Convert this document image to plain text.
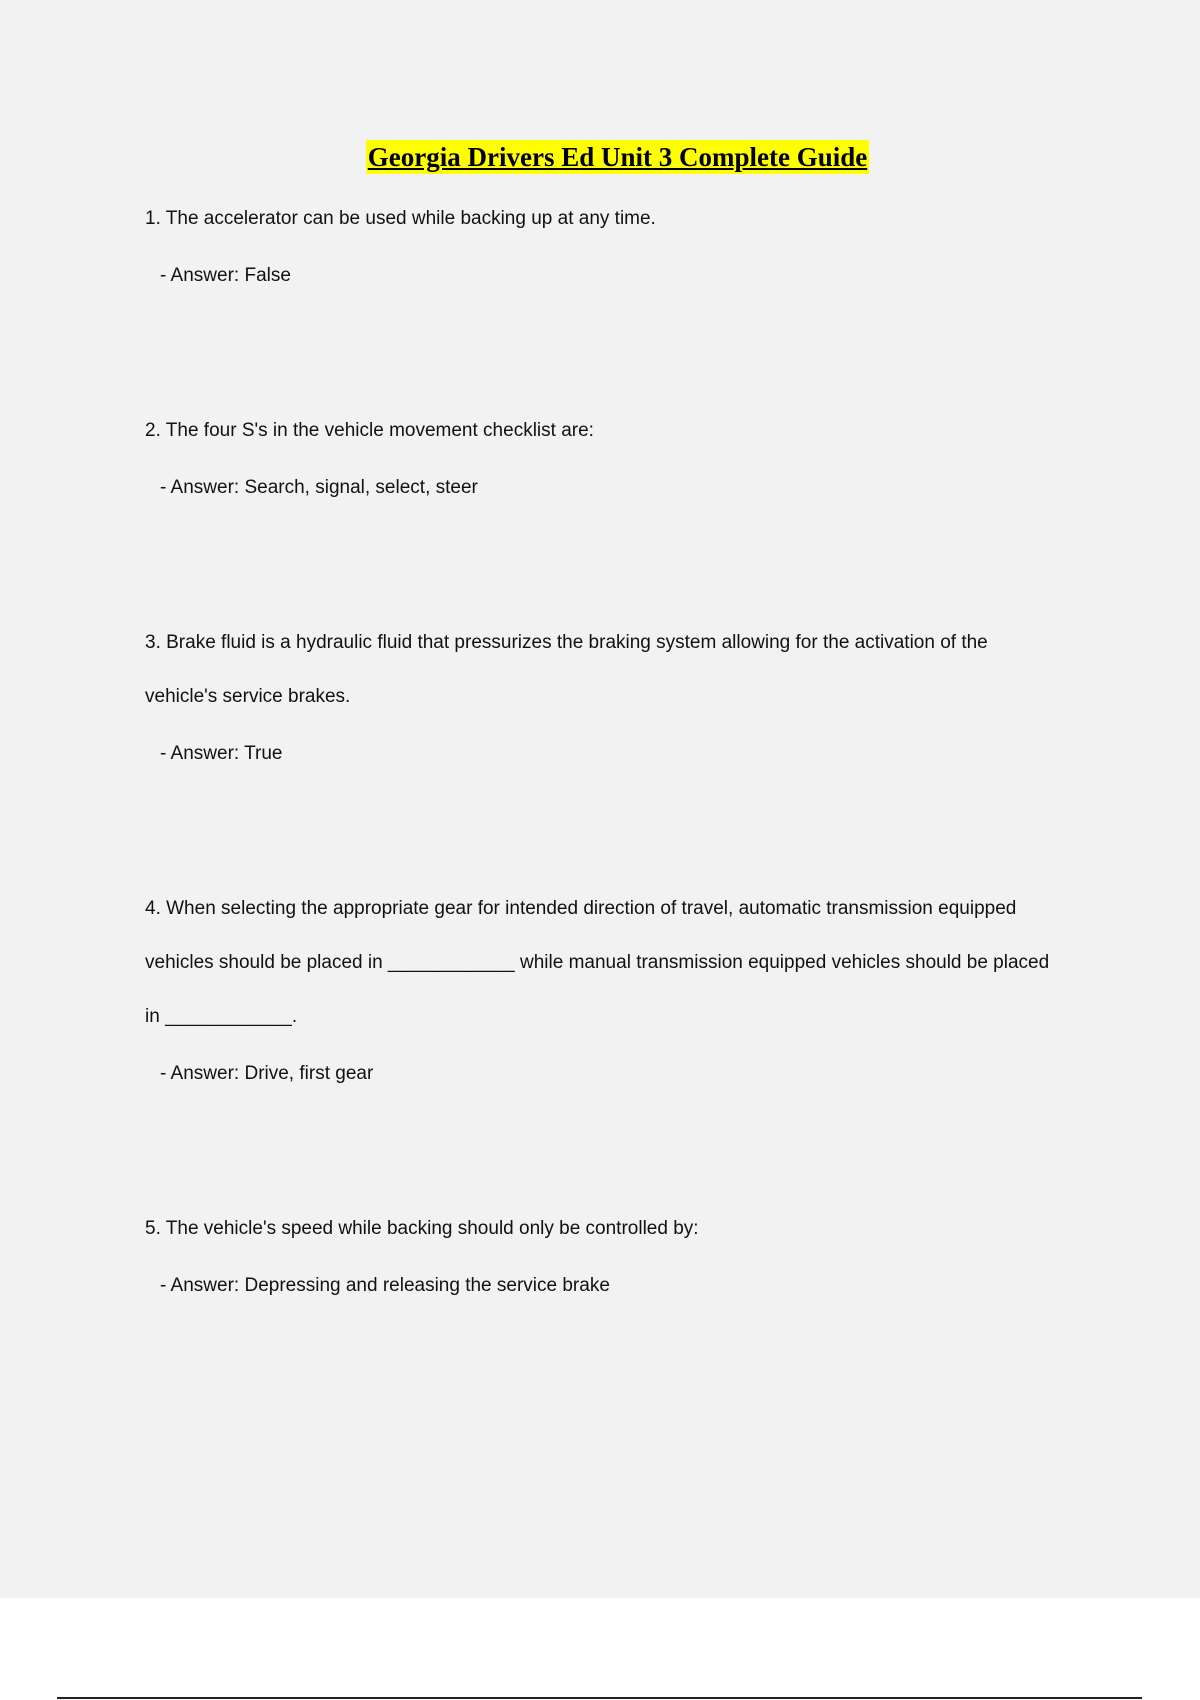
Georgia Drivers Ed Unit 3 Complete Guide

1. The accelerator can be used while backing up at any time.

- Answer: False

2. The four S's in the vehicle movement checklist are:

- Answer: Search, signal, select, steer

3. Brake fluid is a hydraulic fluid that pressurizes the braking system allowing for the activation of the vehicle's service brakes.

- Answer: True

4. When selecting the appropriate gear for intended direction of travel, automatic transmission equipped vehicles should be placed in ____________ while manual transmission equipped vehicles should be placed in ____________.

- Answer: Drive, first gear

5. The vehicle's speed while backing should only be controlled by:

- Answer: Depressing and releasing the service brake
